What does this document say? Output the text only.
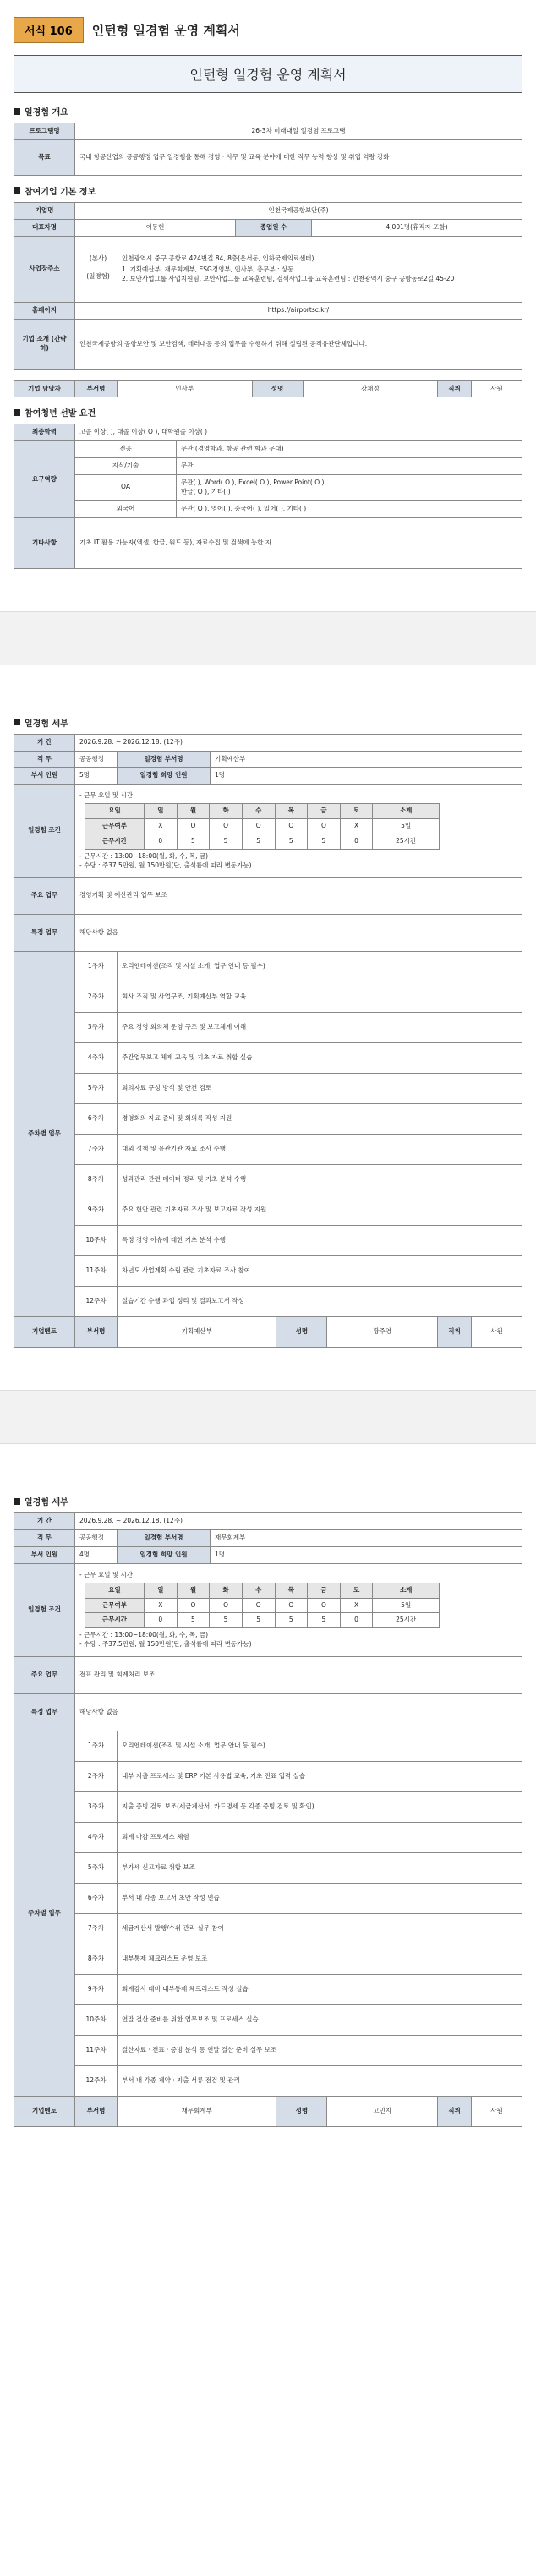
서식 106	인턴형 일경험 운영 계획서
인턴형 일경험 운영 계획서
일경험 개요
프로그램명	26-3차 미래내일 일경험 프로그램
목표	국내 항공산업의 공공행정 업무 일경험을 통해 경영 · 사무 및 교육 분야에 대한 직무 능력 향상 및 취업 역량 강화
참여기업 기본 정보
기업명	인천국제공항보안(주)		
대표자명	이동현	종업원 수	4,001명(휴직자 포함)
사업장주소	(본사) 인천광역시 중구 공항로 424번길 84, 8층(운서동, 인하국제의료센터)
(일경험)
1. 기획예산부, 재무회계부, ESG경영부, 인사부, 총무부 : 상동
2. 보안사업그룹 사업지원팀, 보안사업그룹 교육훈련팀, 검색사업그룹 교육훈련팀 : 인천광역시 중구 공항동로2길 45-20		

홈페이지	https://airportsc.kr/		
기업 소개 (간략히)	인천국제공항의 공항보안 및 보안검색, 테러대응 등의 업무를 수행하기 위해 설립된 공직유관단체입니다.		
기업 담당자	부서명	인사부	성명	강채정	직위	사원
참여청년 선발 요건
최종학력	고졸 이상( ), 대졸 이상( O ), 대학원졸 이상( )	
요구역량	전공	무관 (경영학과, 항공 관련 학과 우대)
	지식/기술	무관
	OA	무관( ), Word( O ), Excel( O ), Power Point( O ),
한글( O ), 기타( )

	외국어	무관( O ), 영어( ), 중국어( ), 일어( ), 기타( )
기타사항	기초 IT 활용 가능자(엑셀, 한글, 워드 등), 자료수집 및 검색에 능한 자	
일경험 세부
기 간	2026.9.28. ~ 2026.12.18. (12주)
직 무	공공행정	일경험 부서명	기획예산부
부서 인원	5명	일경험 희망 인원	1명
일경험 조건	
- 근무 요일 및 시간
요일	일	월	화	수	목	금	토	소계
근무여부	X	O	O	O	O	O	X	5일
근무시간	0	5	5	5	5	5	0	25시간
- 근무시간 : 13:00~18:00(월, 화, 수, 목, 금)
- 수당 : 주37.5만원, 월 150만원(단, 출석률에 따라 변동가능)

주요 업무	경영기획 및 예산관리 업무 보조
특정 업무	해당사항 없음
주차별 업무	1주차	오리엔테이션(조직 및 시설 소개, 업무 안내 등 필수)
2주차	회사 조직 및 사업구조, 기획예산부 역할 교육
3주차	주요 경영 회의체 운영 구조 및 보고체계 이해
4주차	주간업무보고 체계 교육 및 기초 자료 취합 실습
5주차	회의자료 구성 방식 및 안건 검토
6주차	경영회의 자료 준비 및 회의록 작성 지원
7주차	대외 정책 및 유관기관 자료 조사 수행
8주차	성과관리 관련 데이터 정리 및 기초 분석 수행
9주차	주요 현안 관련 기초자료 조사 및 보고자료 작성 지원
10주차	특정 경영 이슈에 대한 기초 분석 수행
11주차	차년도 사업계획 수립 관련 기초자료 조사 참여
12주차	실습기간 수행 과업 정리 및 결과보고서 작성
기업멘토	부서명	기획예산부	성명	황주영	직위	사원
일경험 세부
기 간	2026.9.28. ~ 2026.12.18. (12주)
직 무	공공행정	일경험 부서명	재무회계부
부서 인원	4명	일경험 희망 인원	1명
일경험 조건	
- 근무 요일 및 시간
요일	일	월	화	수	목	금	토	소계
근무여부	X	O	O	O	O	O	X	5일
근무시간	0	5	5	5	5	5	0	25시간
- 근무시간 : 13:00~18:00(월, 화, 수, 목, 금)
- 수당 : 주37.5만원, 월 150만원(단, 출석률에 따라 변동가능)

주요 업무	전표 관리 및 회계처리 보조
특정 업무	해당사항 없음
주차별 업무	1주차	오리엔테이션(조직 및 시설 소개, 업무 안내 등 필수)
2주차	내부 지출 프로세스 및 ERP 기본 사용법 교육, 기초 전표 입력 실습
3주차	지출 증빙 검토 보조(세금계산서, 카드명세 등 각종 증빙 검토 및 확인)
4주차	회계 마감 프로세스 체험
5주차	부가세 신고자료 취합 보조
6주차	부서 내 각종 보고서 초안 작성 연습
7주차	세금계산서 발행/수취 관리 실무 참여
8주차	내부통제 체크리스트 운영 보조
9주차	회계감사 대비 내부통제 체크리스트 작성 실습
10주차	연말 결산 준비를 위한 업무보조 및 프로세스 실습
11주차	결산자료 · 전표 · 증빙 분석 등 연말 결산 준비 실무 보조
12주차	부서 내 각종 계약 · 지출 서류 점검 및 관리
기업멘토	부서명	재무회계부	성명	고민지	직위	사원
